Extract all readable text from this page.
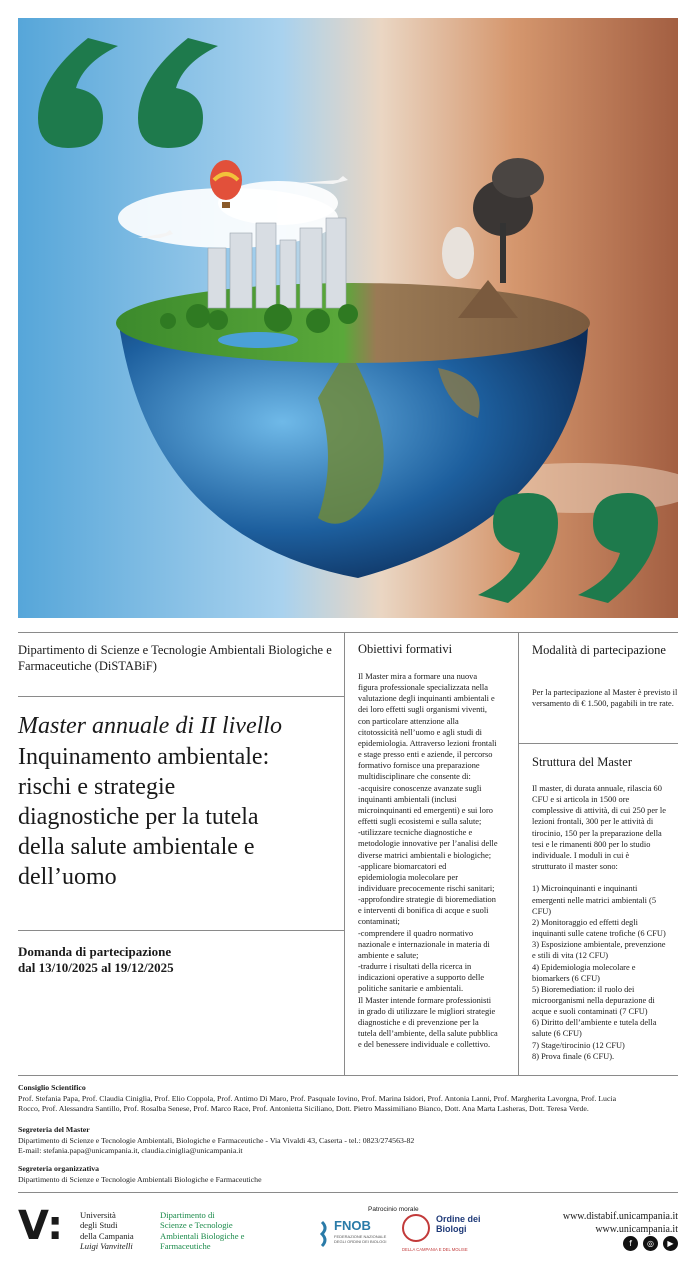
Dipartimento di Scienze e Tecnologie Ambientali Biologiche e Farmaceutiche (DiSTABiF)
Master annuale di II livello
Inquinamento ambientale:
rischi e strategie
diagnostiche per la tutela
della salute ambientale e
dell’uomo
Domanda di partecipazione
dal 13/10/2025 al 19/12/2025
Obiettivi formativi

Il Master mira a formare una nuova

figura professionale specializzata nella

valutazione degli inquinanti ambientali e

dei loro effetti sugli organismi viventi,

con particolare attenzione alla

citotossicità nell’uomo e agli studi di

epidemiologia. Attraverso lezioni frontali

e stage presso enti e aziende, il percorso

formativo fornisce una preparazione

multidisciplinare che consente di:

-acquisire conoscenze avanzate sugli

inquinanti ambientali (inclusi

microinquinanti ed emergenti) e sui loro

effetti sugli ecosistemi e sulla salute;

-utilizzare tecniche diagnostiche e

metodologie innovative per l’analisi delle

diverse matrici ambientali e biologiche;

-applicare biomarcatori ed

epidemiologia molecolare per

individuare precocemente rischi sanitari;

-approfondire strategie di bioremediation

e interventi di bonifica di acque e suoli

contaminati;

-comprendere il quadro normativo

nazionale e internazionale in materia di

ambiente e salute;

-tradurre i risultati della ricerca in

indicazioni operative a supporto delle

politiche sanitarie e ambientali.

Il Master intende formare professionisti

in grado di utilizzare le migliori strategie

diagnostiche e di prevenzione per la

tutela dell’ambiente, della salute pubblica

e del benessere individuale e collettivo.

Modalità di partecipazione
Per la partecipazione al Master è previsto il versamento di € 1.500, pagabili in tre rate.
Struttura del Master

Il master, di durata annuale, rilascia 60

CFU e si articola in 1500 ore

complessive di attività, di cui 250 per le

lezioni frontali, 300 per le attività di

tirocinio, 150 per la preparazione della

tesi e le rimanenti 800 per lo studio

individuale. I moduli in cui è

strutturato il master sono:

1) Microinquinanti e inquinanti

emergenti nelle matrici ambientali (5

CFU)

2) Monitoraggio ed effetti degli

inquinanti sulle catene trofiche (6 CFU)

3) Esposizione ambientale, prevenzione

e stili di vita (12 CFU)

4) Epidemiologia molecolare e

biomarkers (6 CFU)

5) Bioremediation: il ruolo dei

microorganismi nella depurazione di

acque e suoli contaminati (7 CFU)

6) Diritto dell’ambiente e tutela della

salute (6 CFU)

7) Stage/tirocinio (12 CFU)

8) Prova finale (6 CFU).

Consiglio Scientifico
Prof. Stefania Papa, Prof. Claudia Ciniglia, Prof. Elio Coppola, Prof. Antimo Di Maro, Prof. Pasquale Iovino, Prof. Marina Isidori, Prof. Antonia Lanni, Prof. Margherita Lavorgna, Prof. Lucia
Rocco, Prof. Alessandra Santillo, Prof. Rosalba Senese, Prof. Marco Race, Prof. Antonietta Siciliano, Dott. Pietro Massimiliano Bianco, Dott. Ana Marta Lasheras, Dott. Teresa Verde.
Segreteria del Master
Dipartimento di Scienze e Tecnologie Ambientali, Biologiche e Farmaceutiche - Via Vivaldi 43, Caserta - tel.: 0823/274563-82
E-mail: stefania.papa@unicampania.it, claudia.ciniglia@unicampania.it
Segreteria organizzativa
Dipartimento di Scienze e Tecnologie Ambientali Biologiche e Farmaceutiche
V: Università
degli Studi
della Campania
Luigi Vanvitelli
Dipartimento di
Scienze e Tecnologie
Ambientali Biologiche e
Farmaceutiche
Patrocinio morale
FNOB
FEDERAZIONE NAZIONALE DEGLI ORDINI DEI BIOLOGI
Ordine dei
Biologi
DELLA CAMPANIA E DEL MOLISE
www.distabif.unicampania.it
www.unicampania.it
f	◎	▶
